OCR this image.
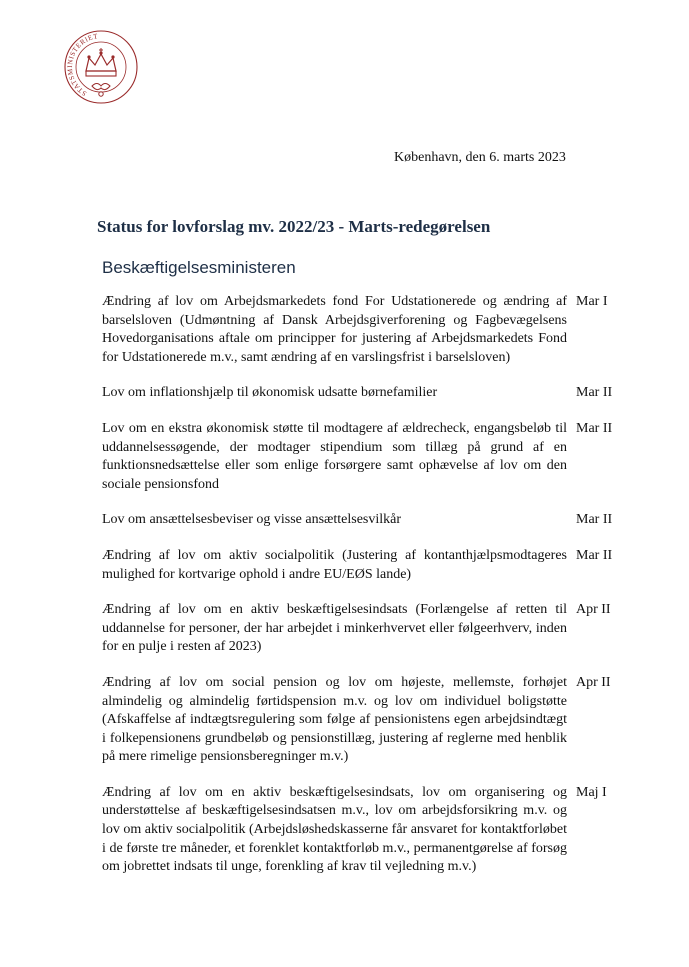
STATSMINISTERIET
København, den 6. marts 2023
Status for lovforslag mv. 2022/23 - Marts-redegørelsen
Beskæftigelsesministeren
Ændring af lov om Arbejdsmarkedets fond For Udstationerede og ændring af barselsloven (Udmøntning af Dansk Arbejdsgiverforening og Fagbevægelsens Hovedorganisations aftale om principper for justering af Arbejdsmarkedets Fond for Udstationerede m.v., samt ændring af en varslingsfrist i barselsloven)
Mar I
Lov om inflationshjælp til økonomisk udsatte børnefamilier	Mar II
Lov om en ekstra økonomisk støtte til modtagere af ældrecheck, engangsbeløb til uddannelsessøgende, der modtager stipendium som tillæg på grund af en funktionsnedsættelse eller som enlige forsørgere samt ophævelse af lov om den sociale pensionsfond
Mar II
Lov om ansættelsesbeviser og visse ansættelsesvilkår	Mar II
Ændring af lov om aktiv socialpolitik (Justering af kontanthjælpsmodtageres mulighed for kortvarige ophold i andre EU/EØS lande)
Mar II
Ændring af lov om en aktiv beskæftigelsesindsats (Forlængelse af retten til uddannelse for personer, der har arbejdet i minkerhvervet eller følgeerhverv, inden for en pulje i resten af 2023)
Apr II
Ændring af lov om social pension og lov om højeste, mellemste, forhøjet almindelig og almindelig førtidspension m.v. og lov om individuel boligstøtte (Afskaffelse af indtægtsregulering som følge af pensionistens egen arbejdsindtægt i folkepensionens grundbeløb og pensionstillæg, justering af reglerne med henblik på mere rimelige pensionsberegninger m.v.)
Apr II
Ændring af lov om en aktiv beskæftigelsesindsats, lov om organisering og understøttelse af beskæftigelsesindsatsen m.v., lov om arbejdsforsikring m.v. og lov om aktiv socialpolitik (Arbejdsløshedskasserne får ansvaret for kontaktforløbet i de første tre måneder, et forenklet kontaktforløb m.v., permanentgørelse af forsøg om jobrettet indsats til unge, forenkling af krav til vejledning m.v.)
Maj I
